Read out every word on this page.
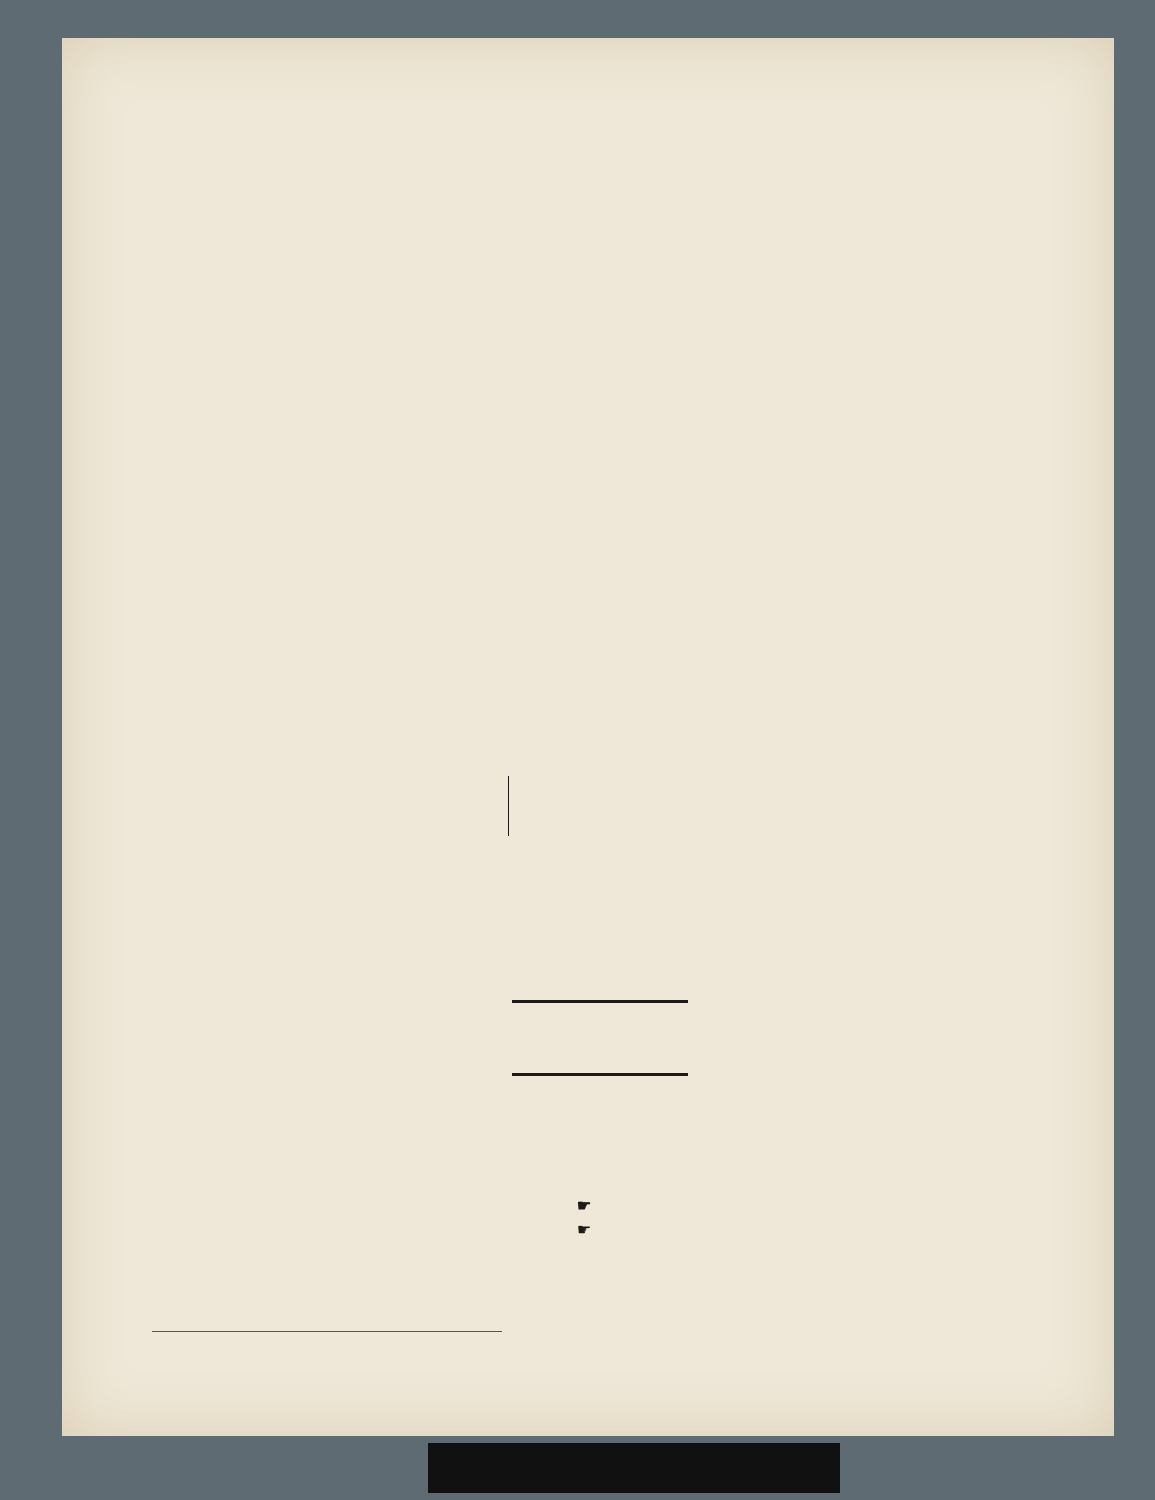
☛
☛
